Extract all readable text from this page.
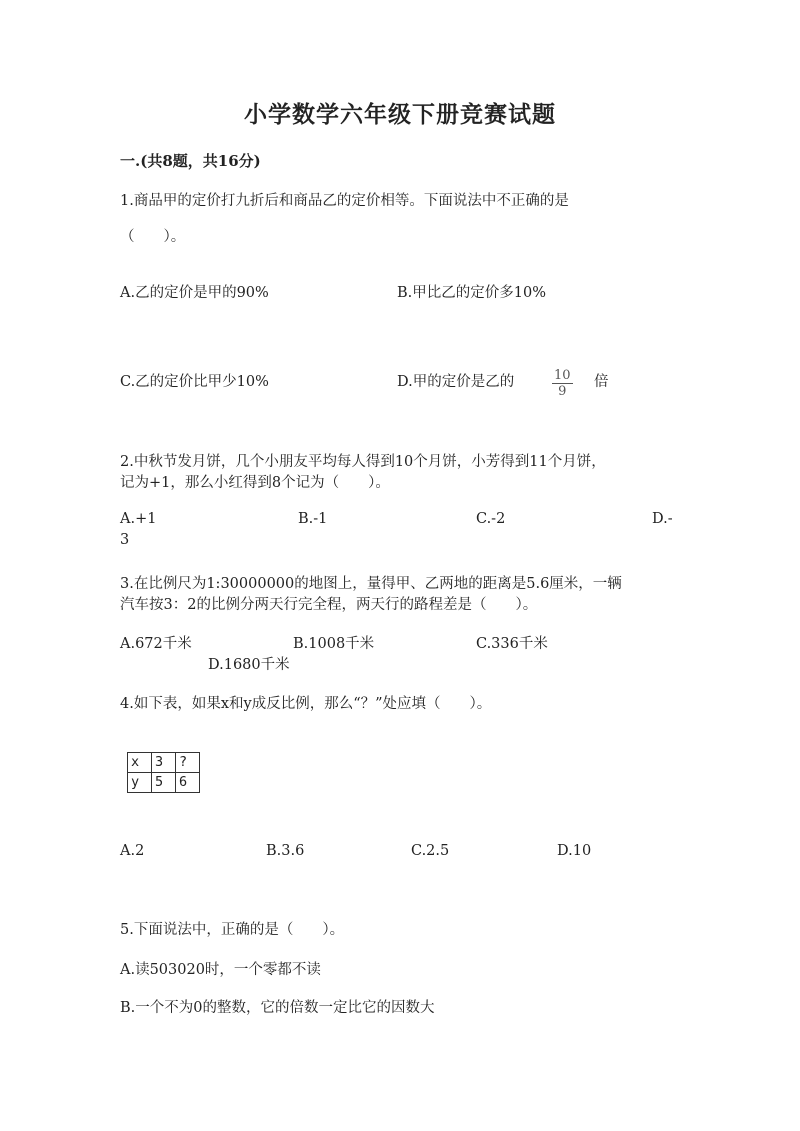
小学数学六年级下册竞赛试题
一.(共8题，共16分)
1.商品甲的定价打九折后和商品乙的定价相等。下面说法中不正确的是
（　　）。
A.乙的定价是甲的90%	B.甲比乙的定价多10%
C.乙的定价比甲少10%	D.甲的定价是乙的	$\frac{10}{9}$ 倍
2.中秋节发月饼，几个小朋友平均每人得到10个月饼，小芳得到11个月饼，
记为+1，那么小红得到8个记为（　　）。
A.+1	B.-1	C.-2	D.-
3
3.在比例尺为1:30000000的地图上，量得甲、乙两地的距离是5.6厘米，一辆
汽车按3：2的比例分两天行完全程，两天行的路程差是（　　）。
A.672千米	B.1008千米	C.336千米
D.1680千米
4.如下表，如果x和y成反比例，那么“？”处应填（　　）。
x	3	?
y	5	6
A.2	B.3.6	C.2.5	D.10
5.下面说法中，正确的是（　　）。
A.读503020时，一个零都不读
B.一个不为0的整数，它的倍数一定比它的因数大
